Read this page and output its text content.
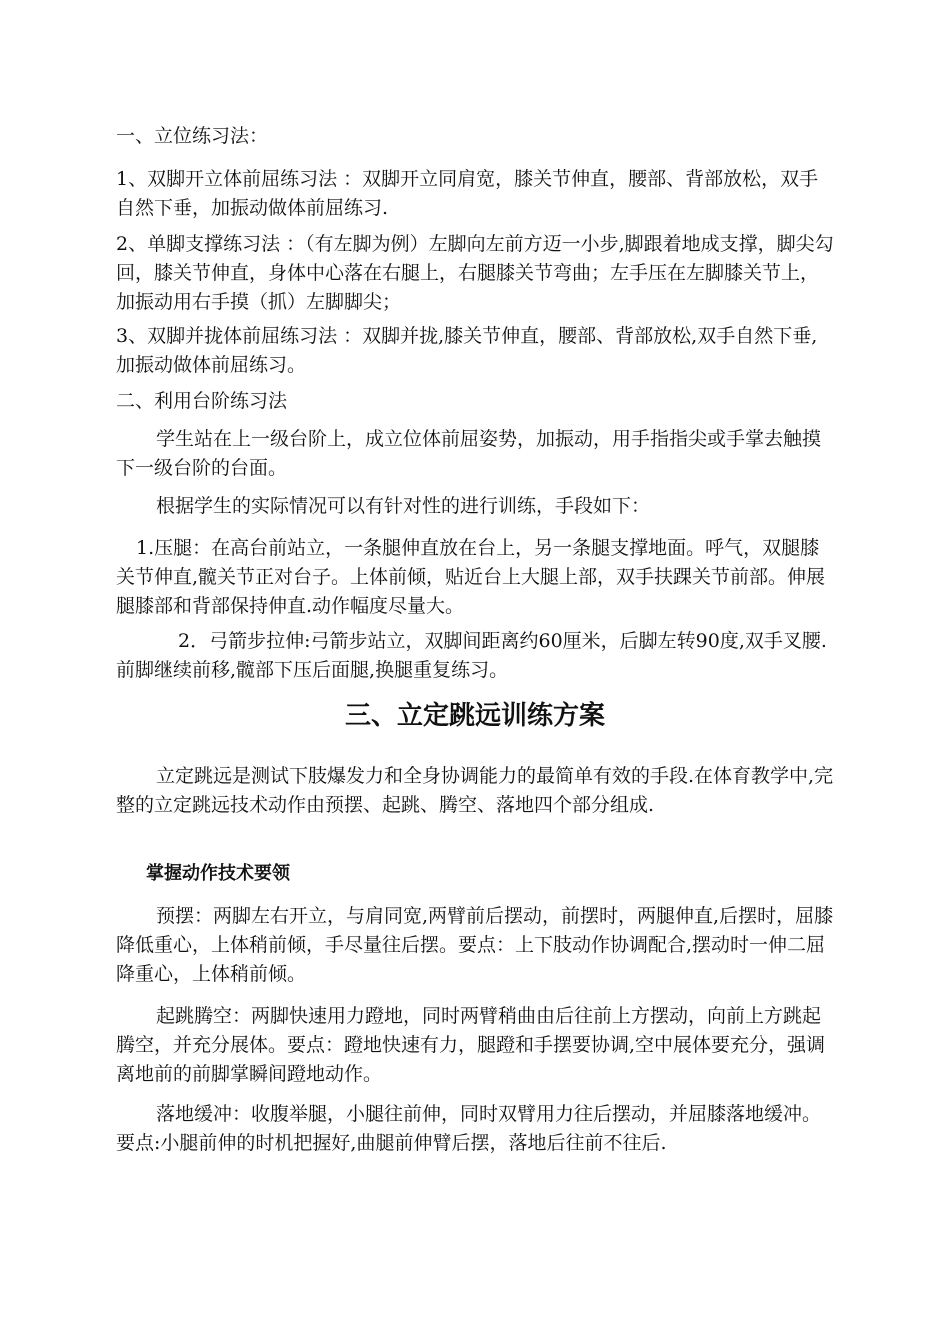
一、立位练习法：

1、双脚开立体前屈练习法 ：双脚开立同肩宽，膝关节伸直，腰部、背部放松，双手自然下垂，加振动做体前屈练习.

2、单脚支撑练习法 ：（有左脚为例）左脚向左前方迈一小步,脚跟着地成支撑，脚尖勾回，膝关节伸直，身体中心落在右腿上，右腿膝关节弯曲；左手压在左脚膝关节上，加振动用右手摸（抓）左脚脚尖；

3、双脚并拢体前屈练习法 ：双脚并拢,膝关节伸直，腰部、背部放松,双手自然下垂,加振动做体前屈练习。

二、利用台阶练习法

学生站在上一级台阶上，成立位体前屈姿势，加振动，用手指指尖或手掌去触摸下一级台阶的台面。

根据学生的实际情况可以有针对性的进行训练，手段如下：

1.压腿：在高台前站立，一条腿伸直放在台上，另一条腿支撑地面。呼气，双腿膝关节伸直,髋关节正对台子。上体前倾，贴近台上大腿上部，双手扶踝关节前部。伸展腿膝部和背部保持伸直.动作幅度尽量大。

2．弓箭步拉伸:弓箭步站立，双脚间距离约60厘米，后脚左转90度,双手叉腰.前脚继续前移,髋部下压后面腿,换腿重复练习。

三、立定跳远训练方案

立定跳远是测试下肢爆发力和全身协调能力的最简单有效的手段.在体育教学中,完整的立定跳远技术动作由预摆、起跳、腾空、落地四个部分组成.

掌握动作技术要领

预摆：两脚左右开立，与肩同宽,两臂前后摆动，前摆时，两腿伸直,后摆时，屈膝降低重心，上体稍前倾，手尽量往后摆。要点：上下肢动作协调配合,摆动时一伸二屈降重心，上体稍前倾。

起跳腾空：两脚快速用力蹬地，同时两臂稍曲由后往前上方摆动，向前上方跳起腾空，并充分展体。要点：蹬地快速有力，腿蹬和手摆要协调,空中展体要充分，强调离地前的前脚掌瞬间蹬地动作。

落地缓冲：收腹举腿，小腿往前伸，同时双臂用力往后摆动，并屈膝落地缓冲。要点:小腿前伸的时机把握好,曲腿前伸臂后摆，落地后往前不往后.
